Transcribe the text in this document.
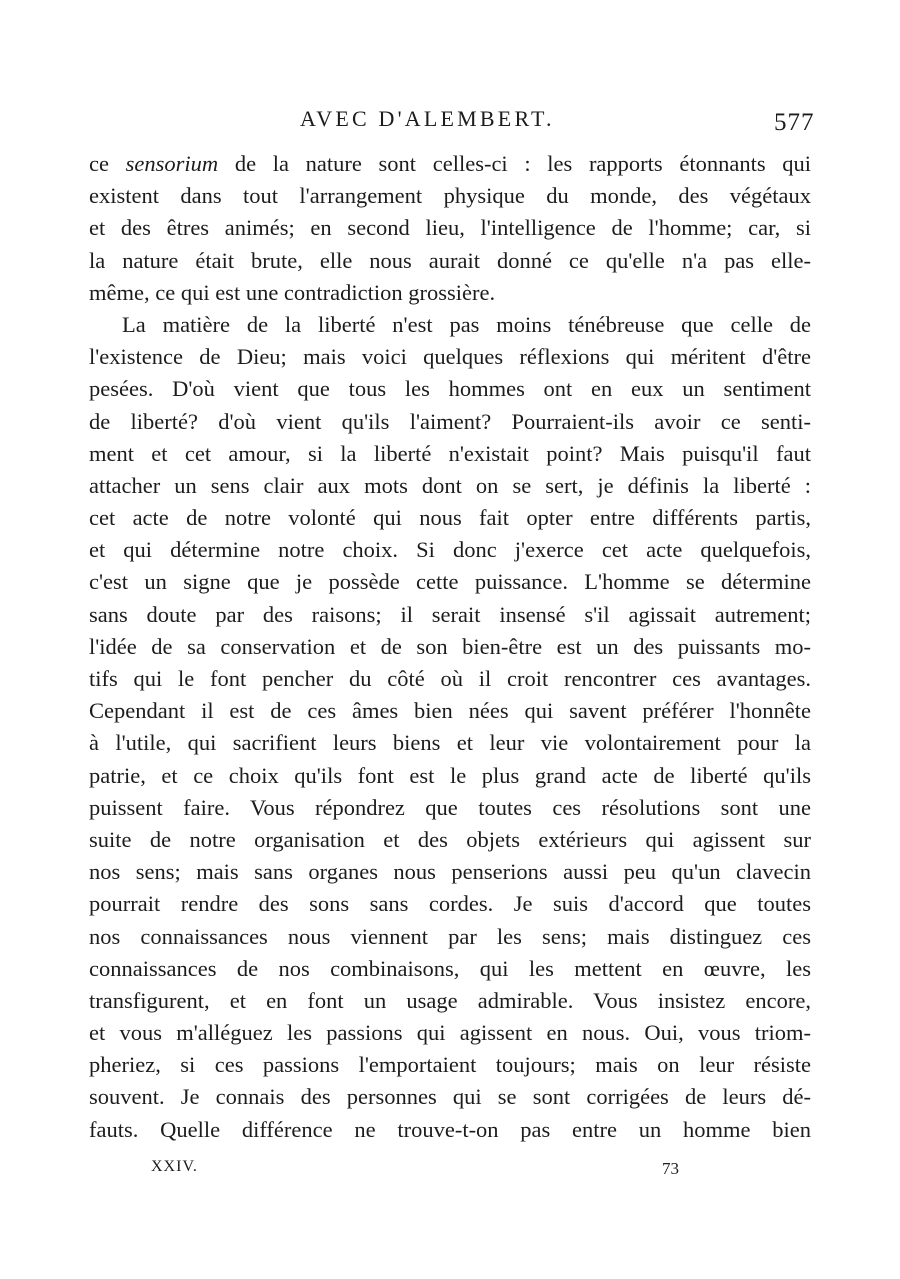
AVEC D'ALEMBERT.	577
ce sensorium de la nature sont celles-ci : les rapports étonnants qui
existent dans tout l'arrangement physique du monde, des végétaux
et des êtres animés; en second lieu, l'intelligence de l'homme; car, si
la nature était brute, elle nous aurait donné ce qu'elle n'a pas elle-
même, ce qui est une contradiction grossière.
La matière de la liberté n'est pas moins ténébreuse que celle de
l'existence de Dieu; mais voici quelques réflexions qui méritent d'être
pesées. D'où vient que tous les hommes ont en eux un sentiment
de liberté? d'où vient qu'ils l'aiment? Pourraient-ils avoir ce senti-
ment et cet amour, si la liberté n'existait point? Mais puisqu'il faut
attacher un sens clair aux mots dont on se sert, je définis la liberté :
cet acte de notre volonté qui nous fait opter entre différents partis,
et qui détermine notre choix. Si donc j'exerce cet acte quelquefois,
c'est un signe que je possède cette puissance. L'homme se détermine
sans doute par des raisons; il serait insensé s'il agissait autrement;
l'idée de sa conservation et de son bien-être est un des puissants mo-
tifs qui le font pencher du côté où il croit rencontrer ces avantages.
Cependant il est de ces âmes bien nées qui savent préférer l'honnête
à l'utile, qui sacrifient leurs biens et leur vie volontairement pour la
patrie, et ce choix qu'ils font est le plus grand acte de liberté qu'ils
puissent faire. Vous répondrez que toutes ces résolutions sont une
suite de notre organisation et des objets extérieurs qui agissent sur
nos sens; mais sans organes nous penserions aussi peu qu'un clavecin
pourrait rendre des sons sans cordes. Je suis d'accord que toutes
nos connaissances nous viennent par les sens; mais distinguez ces
connaissances de nos combinaisons, qui les mettent en œuvre, les
transfigurent, et en font un usage admirable. Vous insistez encore,
et vous m'alléguez les passions qui agissent en nous. Oui, vous triom-
pheriez, si ces passions l'emportaient toujours; mais on leur résiste
souvent. Je connais des personnes qui se sont corrigées de leurs dé-
fauts. Quelle différence ne trouve-t-on pas entre un homme bien
XXIV.	73
